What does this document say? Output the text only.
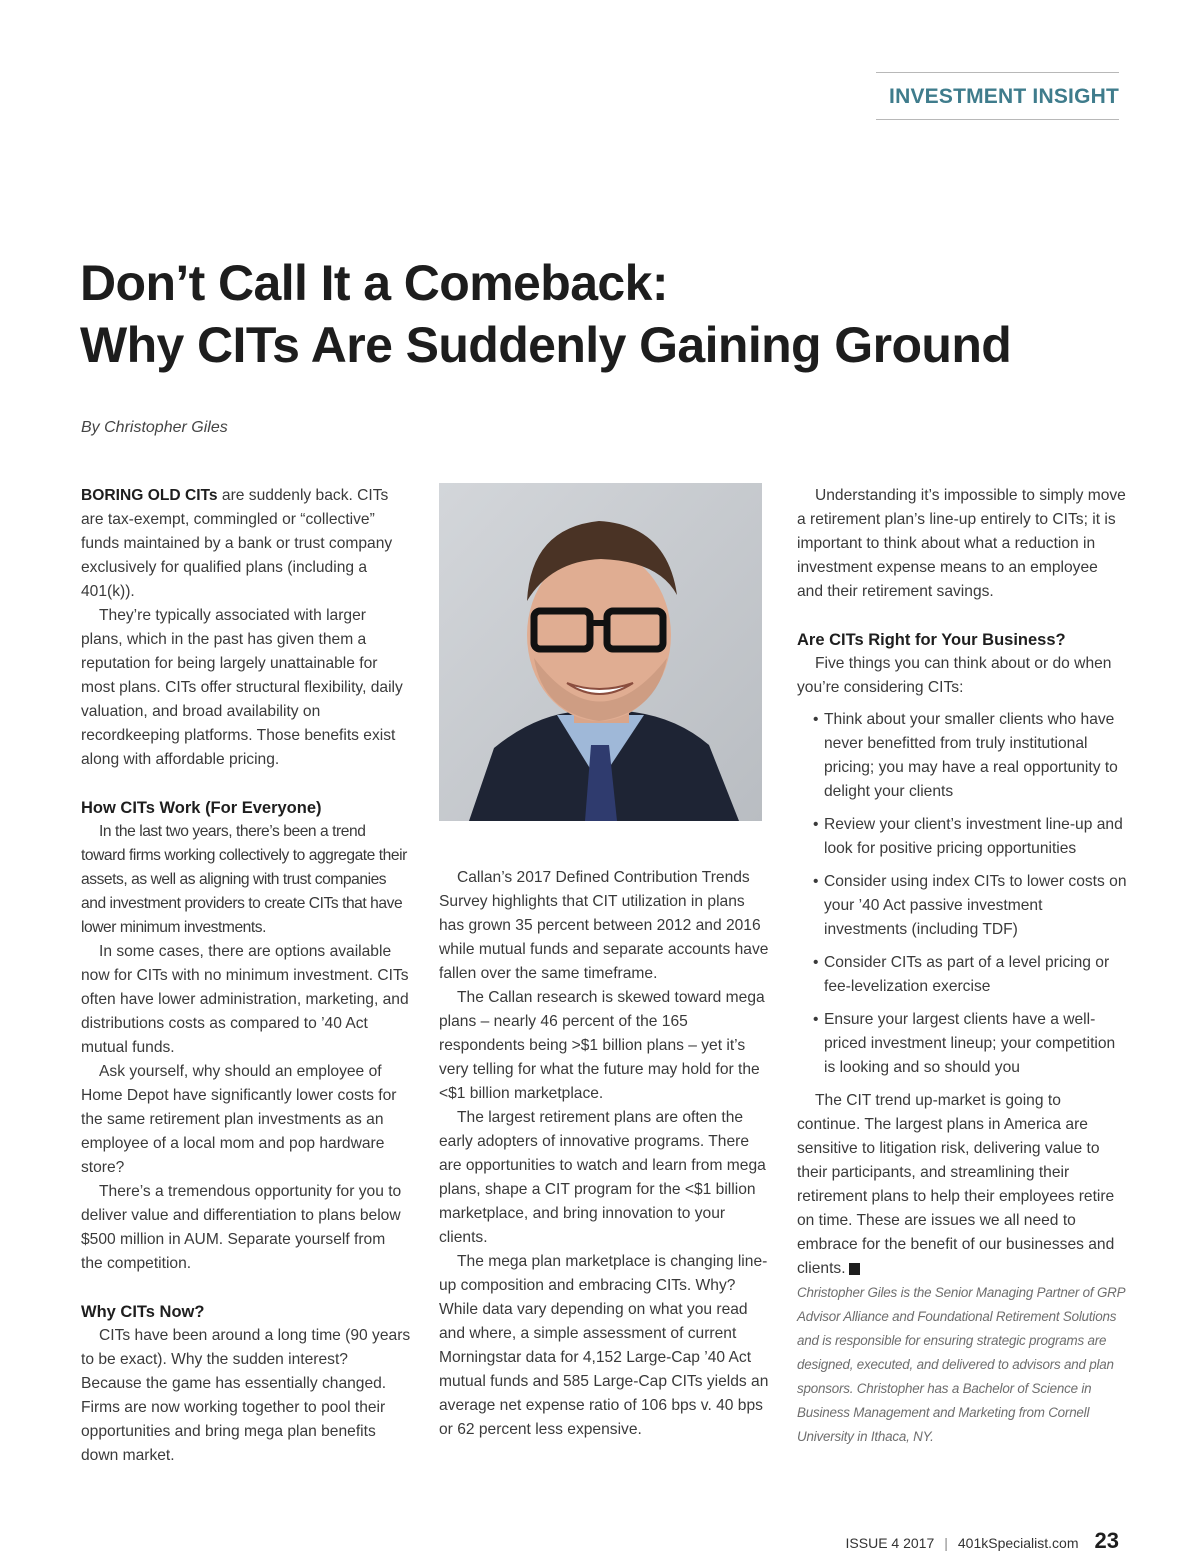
INVESTMENT INSIGHT
Don’t Call It a Comeback:
Why CITs Are Suddenly Gaining Ground
By Christopher Giles

BORING OLD CITs are suddenly back. CITs are tax-exempt, commingled or “collective” funds maintained by a bank or trust company exclusively for qualified plans (including a 401(k)).

They’re typically associated with larger plans, which in the past has given them a reputation for being largely unattainable for most plans. CITs offer structural flexibility, daily valuation, and broad availability on recordkeeping platforms. Those benefits exist along with affordable pricing.

How CITs Work (For Everyone)

In the last two years, there’s been a trend toward firms working collectively to aggregate their assets, as well as aligning with trust companies and investment providers to create CITs that have lower minimum investments.

In some cases, there are options available now for CITs with no minimum investment. CITs often have lower administration, marketing, and distributions costs as compared to ’40 Act mutual funds.

Ask yourself, why should an employee of Home Depot have significantly lower costs for the same retirement plan investments as an employee of a local mom and pop hardware store?

There’s a tremendous opportunity for you to deliver value and differentiation to plans below $500 million in AUM. Separate yourself from the competition.

Why CITs Now?

CITs have been around a long time (90 years to be exact). Why the sudden interest? Because the game has essentially changed. Firms are now working together to pool their opportunities and bring mega plan benefits down market.

Callan’s 2017 Defined Contribution Trends Survey highlights that CIT utilization in plans has grown 35 percent between 2012 and 2016 while mutual funds and separate accounts have fallen over the same timeframe.

The Callan research is skewed toward mega plans – nearly 46 percent of the 165 respondents being >$1 billion plans – yet it’s very telling for what the future may hold for the <$1 billion marketplace.

The largest retirement plans are often the early adopters of innovative programs. There are opportunities to watch and learn from mega plans, shape a CIT program for the <$1 billion marketplace, and bring innovation to your clients.

The mega plan marketplace is changing line-up composition and embracing CITs. Why? While data vary depending on what you read and where, a simple assessment of current Morningstar data for 4,152 Large-Cap ’40 Act mutual funds and 585 Large-Cap CITs yields an average net expense ratio of 106 bps v. 40 bps or 62 percent less expensive.

Understanding it’s impossible to simply move a retirement plan’s line-up entirely to CITs; it is important to think about what a reduction in investment expense means to an employee and their retirement savings.

Are CITs Right for Your Business?

Five things you can think about or do when you’re considering CITs:

• Think about your smaller clients who have never benefitted from truly institutional pricing; you may have a real opportunity to delight your clients
• Review your client’s investment line-up and look for positive pricing opportunities
• Consider using index CITs to lower costs on your ’40 Act passive investment investments (including TDF)
• Consider CITs as part of a level pricing or fee-levelization exercise
• Ensure your largest clients have a well-priced investment lineup; your competition is looking and so should you

The CIT trend up-market is going to continue. The largest plans in America are sensitive to litigation risk, delivering value to their participants, and streamlining their retirement plans to help their employees retire on time. These are issues we all need to embrace for the benefit of our businesses and clients. K

Christopher Giles is the Senior Managing Partner of GRP Advisor Alliance and Foundational Retirement Solutions and is responsible for ensuring strategic programs are designed, executed, and delivered to advisors and plan sponsors. Christopher has a Bachelor of Science in Business Management and Marketing from Cornell University in Ithaca, NY.

ISSUE 4 2017 | 401kSpecialist.com 23
